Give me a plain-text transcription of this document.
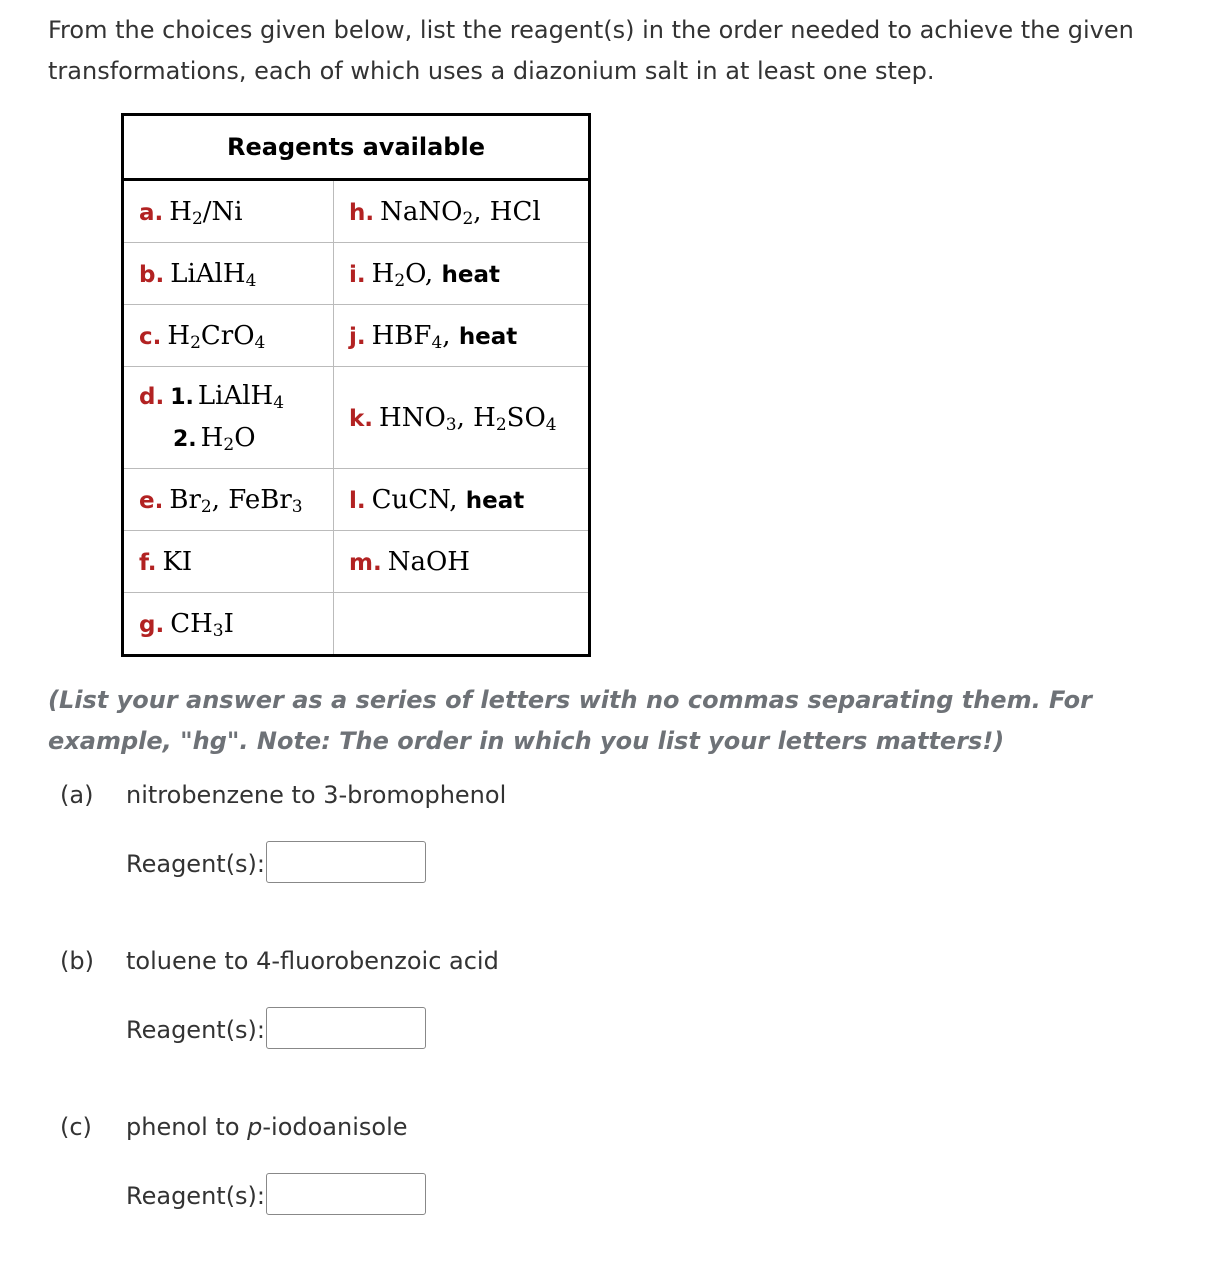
From the choices given below, list the reagent(s) in the order needed to achieve the given transformations, each of which uses a diazonium salt in at least one step.

Reagents available	
a. $H_2/Ni$	h. NaNO$_2$, HCl
b. LiAlH$_4$	i. $H_2O$, heat
c. $H_2CrO_4$	j. $HBF_4$, heat

d. 1. LiAlH$_4$
2. $H_2O$	k. $HNO_3$, $H_2SO_4$
e. $Br_2$, FeBr$_3$	l. CuCN, heat
f. KI	m. NaOH
g. $CH_3I$	

(List your answer as a series of letters with no commas separating them. For example, "hg". Note: The order in which you list your letters matters!)

(a) nitrobenzene to 3-bromophenol
Reagent(s):
(b) toluene to 4-fluorobenzoic acid
Reagent(s):
(c) phenol to p-iodoanisole
Reagent(s):
